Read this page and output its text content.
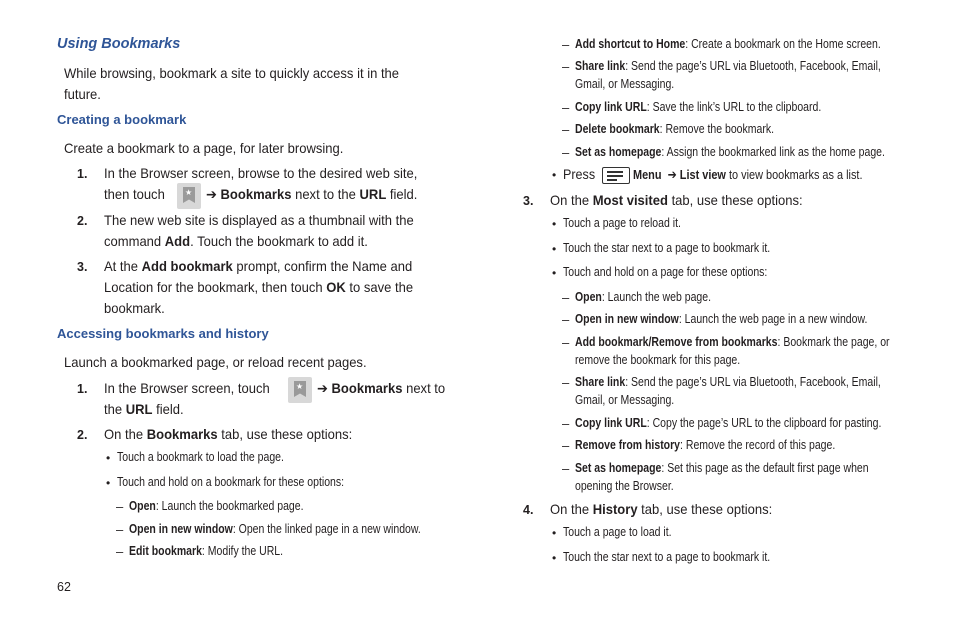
Using Bookmarks
While browsing, bookmark a site to quickly access it in the
future.
Creating a bookmark
Create a bookmark to a page, for later browsing.
1. In the Browser screen, browse to the desired web site,
then touch	★ ➔ Bookmarks next to the URL field.
2. The new web site is displayed as a thumbnail with the
command Add. Touch the bookmark to add it.
3. At the Add bookmark prompt, confirm the Name and
Location for the bookmark, then touch OK to save the
bookmark.
Accessing bookmarks and history
Launch a bookmarked page, or reload recent pages.
1. In the Browser screen, touch	★ ➔ Bookmarks next to
the URL field.
2. On the Bookmarks tab, use these options:
• Touch a bookmark to load the page.
• Touch and hold on a bookmark for these options:
– Open: Launch the bookmarked page.
– Open in new window: Open the linked page in a new window.
– Edit bookmark: Modify the URL.
62
– Add shortcut to Home: Create a bookmark on the Home screen.
– Share link: Send the page’s URL via Bluetooth, Facebook, Email,
Gmail, or Messaging.
– Copy link URL: Save the link’s URL to the clipboard.
– Delete bookmark: Remove the bookmark.
– Set as homepage: Assign the bookmarked link as the home page.
• Press	Menu ➔ List view to view bookmarks as a list.
3. On the Most visited tab, use these options:
• Touch a page to reload it.
• Touch the star next to a page to bookmark it.
• Touch and hold on a page for these options:
– Open: Launch the web page.
– Open in new window: Launch the web page in a new window.
– Add bookmark/Remove from bookmarks: Bookmark the page, or
remove the bookmark for this page.
– Share link: Send the page’s URL via Bluetooth, Facebook, Email,
Gmail, or Messaging.
– Copy link URL: Copy the page’s URL to the clipboard for pasting.
– Remove from history: Remove the record of this page.
– Set as homepage: Set this page as the default first page when
opening the Browser.
4. On the History tab, use these options:
• Touch a page to load it.
• Touch the star next to a page to bookmark it.
